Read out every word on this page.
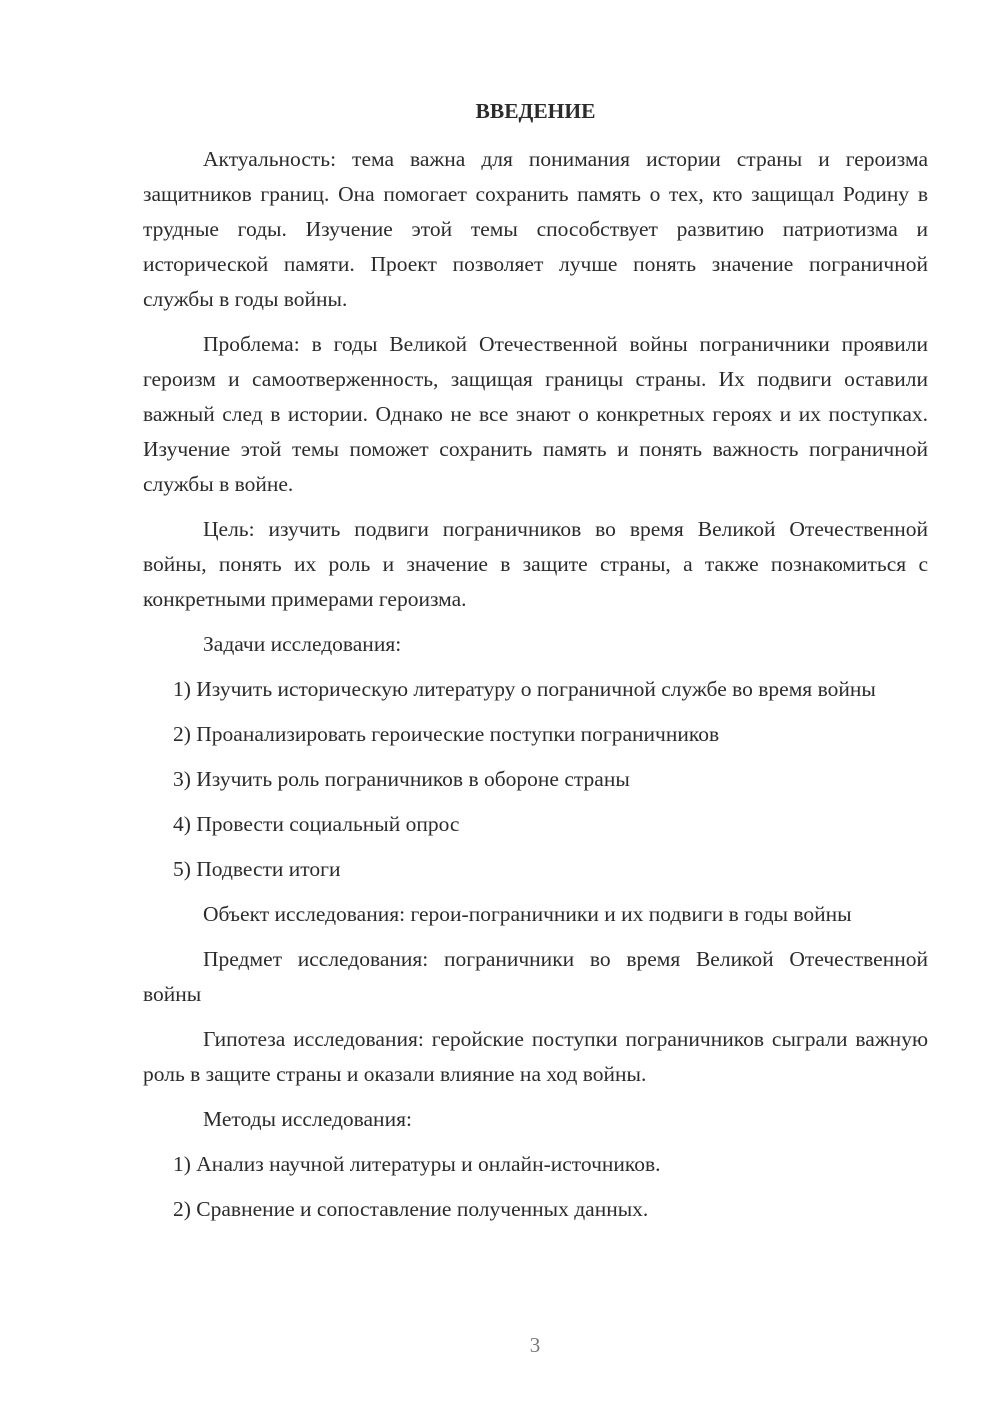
ВВЕДЕНИЕ

Актуальность: тема важна для понимания истории страны и героизма защитников границ. Она помогает сохранить память о тех, кто защищал Родину в трудные годы. Изучение этой темы способствует развитию патриотизма и исторической памяти. Проект позволяет лучше понять значение пограничной службы в годы войны.

Проблема: в годы Великой Отечественной войны пограничники проявили героизм и самоотверженность, защищая границы страны. Их подвиги оставили важный след в истории. Однако не все знают о конкретных героях и их поступках. Изучение этой темы поможет сохранить память и понять важность пограничной службы в войне.

Цель: изучить подвиги пограничников во время Великой Отечественной войны, понять их роль и значение в защите страны, а также познакомиться с конкретными примерами героизма.

Задачи исследования:

1) Изучить историческую литературу о пограничной службе во время войны

2) Проанализировать героические поступки пограничников

3) Изучить роль пограничников в обороне страны

4) Провести социальный опрос

5) Подвести итоги

Объект исследования: герои-пограничники и их подвиги в годы войны

Предмет исследования: пограничники во время Великой Отечественной войны

Гипотеза исследования: геройские поступки пограничников сыграли важную роль в защите страны и оказали влияние на ход войны.

Методы исследования:

1) Анализ научной литературы и онлайн-источников.

2) Сравнение и сопоставление полученных данных.

3
